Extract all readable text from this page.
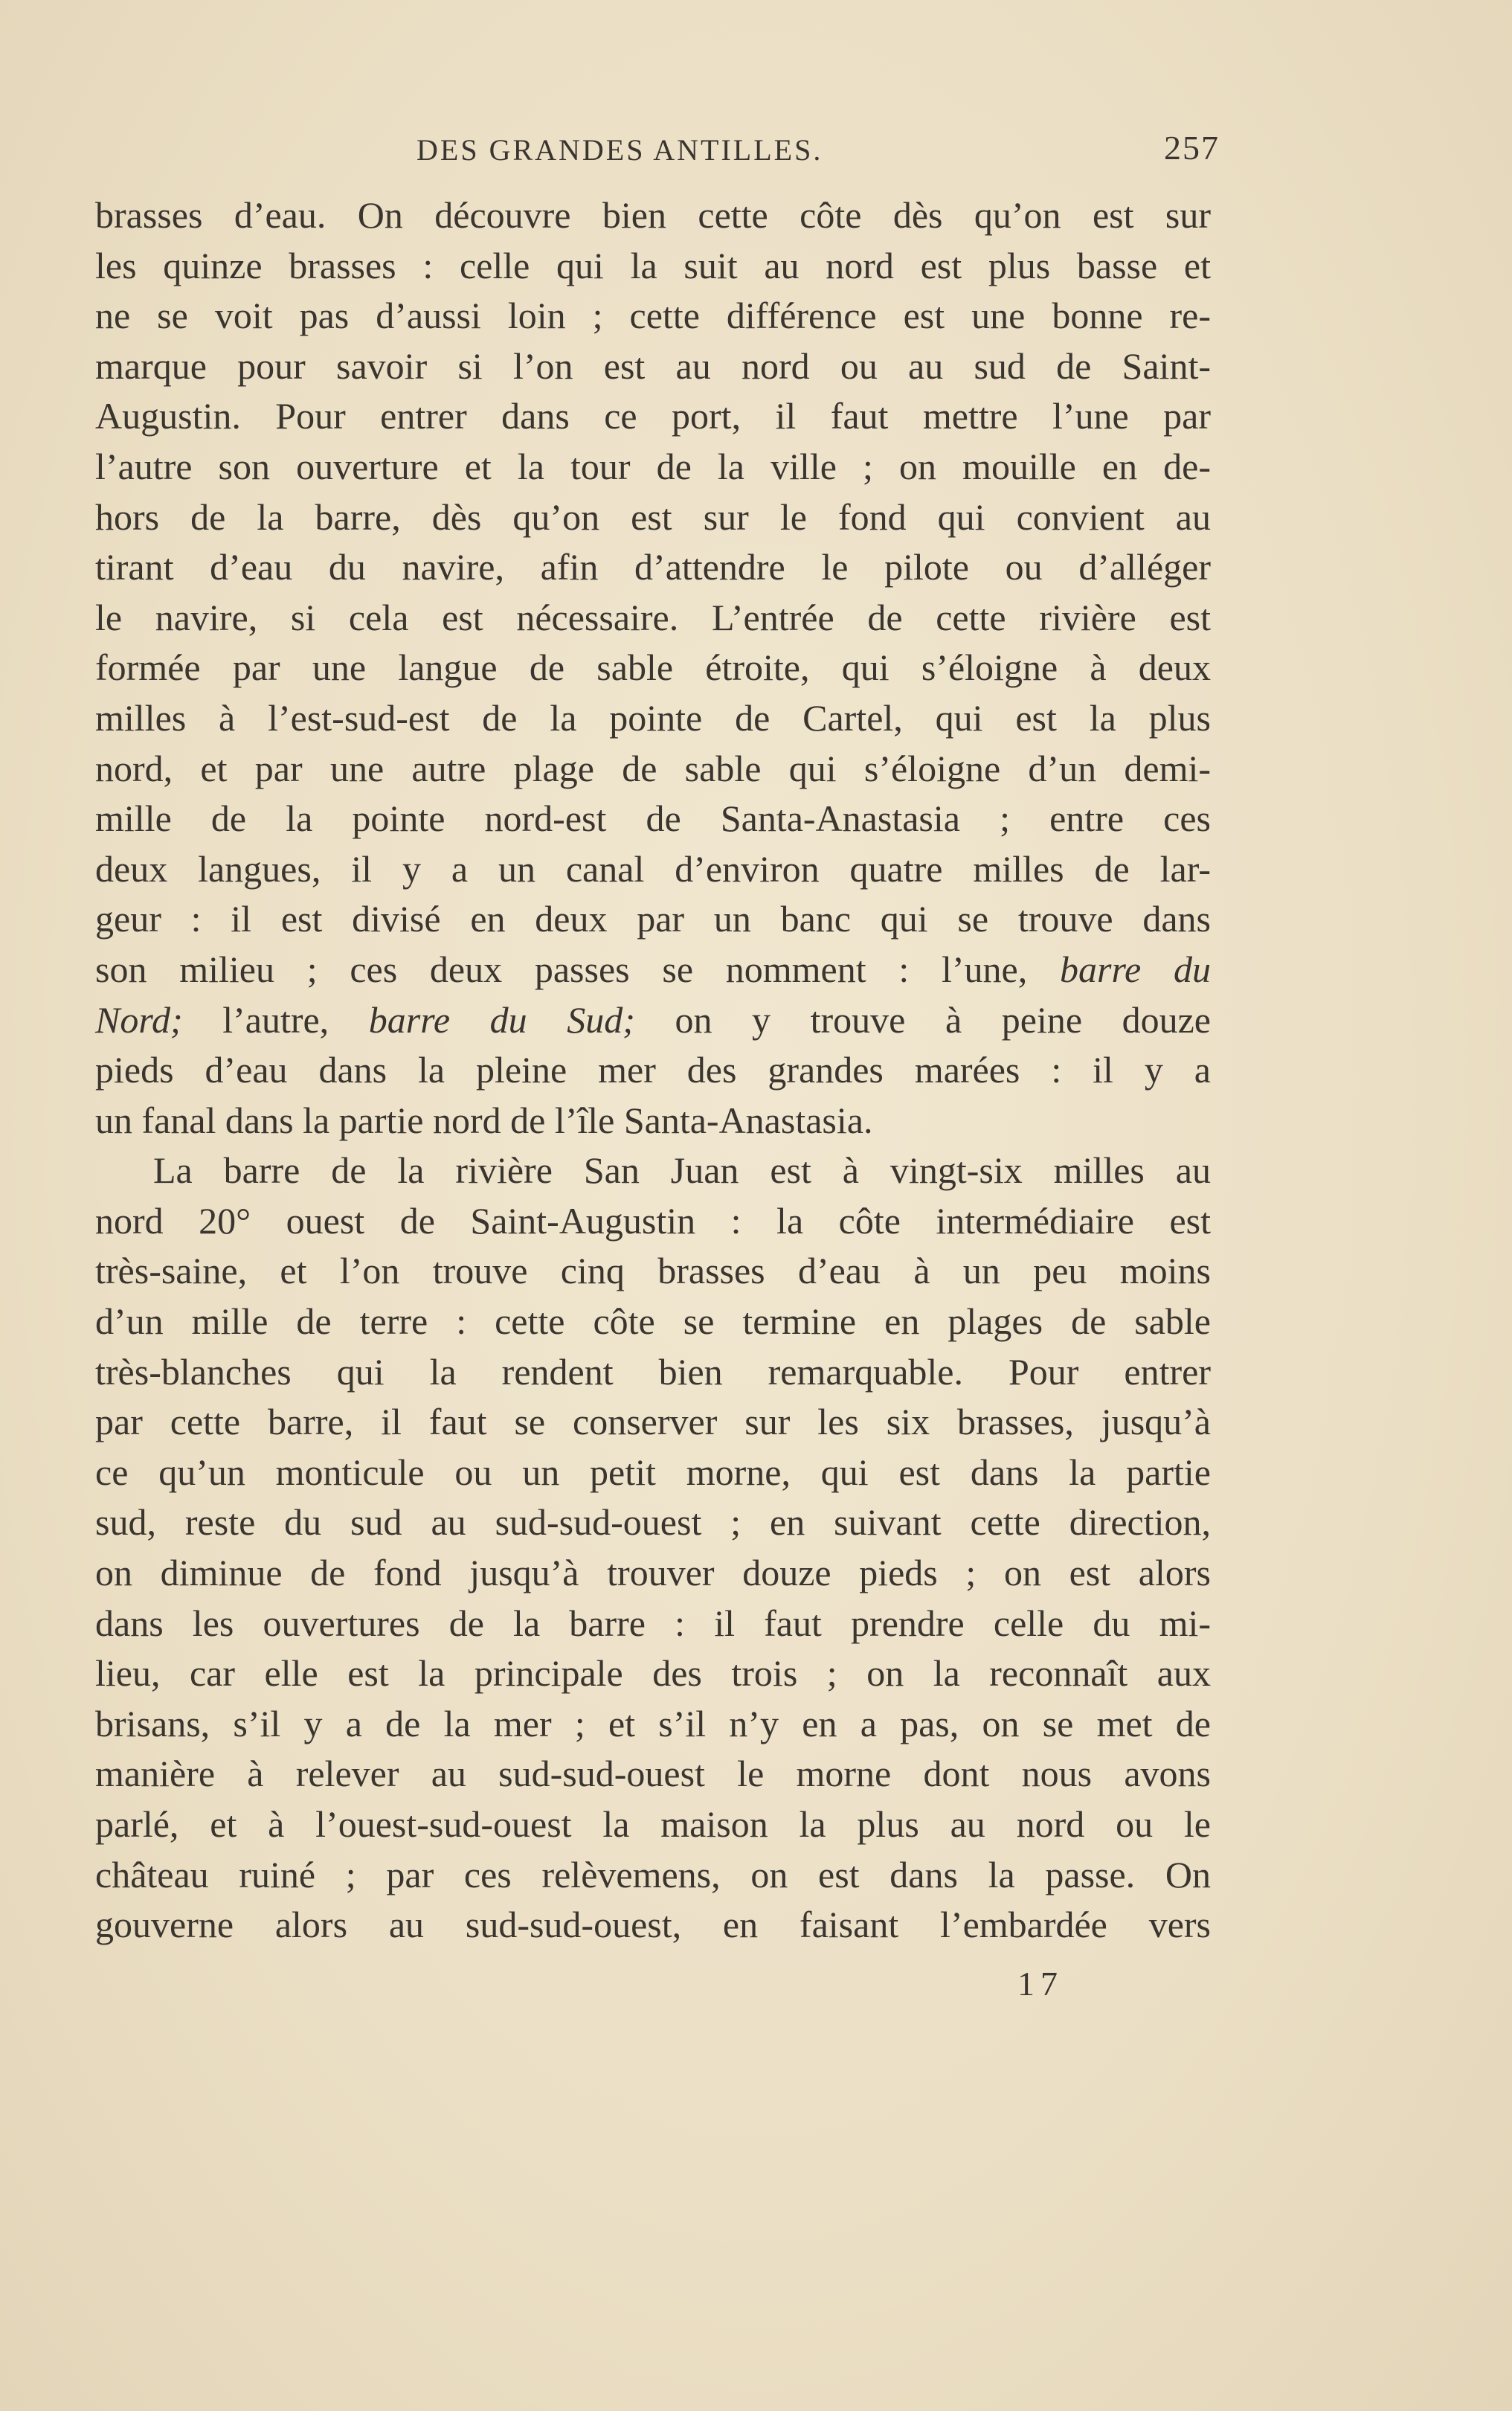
DES GRANDES ANTILLES.	257
brasses d’eau. On découvre bien cette côte dès qu’on est sur
les quinze brasses : celle qui la suit au nord est plus basse et
ne se voit pas d’aussi loin ; cette différence est une bonne re-
marque pour savoir si l’on est au nord ou au sud de Saint-
Augustin. Pour entrer dans ce port, il faut mettre l’une par
l’autre son ouverture et la tour de la ville ; on mouille en de-
hors de la barre, dès qu’on est sur le fond qui convient au
tirant d’eau du navire, afin d’attendre le pilote ou d’alléger
le navire, si cela est nécessaire. L’entrée de cette rivière est
formée par une langue de sable étroite, qui s’éloigne à deux
milles à l’est-sud-est de la pointe de Cartel, qui est la plus
nord, et par une autre plage de sable qui s’éloigne d’un demi-
mille de la pointe nord-est de Santa-Anastasia ; entre ces
deux langues, il y a un canal d’environ quatre milles de lar-
geur : il est divisé en deux par un banc qui se trouve dans
son milieu ; ces deux passes se nomment : l’une, barre du
Nord; l’autre, barre du Sud; on y trouve à peine douze
pieds d’eau dans la pleine mer des grandes marées : il y a
un fanal dans la partie nord de l’île Santa-Anastasia.
La barre de la rivière San Juan est à vingt-six milles au
nord 20° ouest de Saint-Augustin : la côte intermédiaire est
très-saine, et l’on trouve cinq brasses d’eau à un peu moins
d’un mille de terre : cette côte se termine en plages de sable
très-blanches qui la rendent bien remarquable. Pour entrer
par cette barre, il faut se conserver sur les six brasses, jusqu’à
ce qu’un monticule ou un petit morne, qui est dans la partie
sud, reste du sud au sud-sud-ouest ; en suivant cette direction,
on diminue de fond jusqu’à trouver douze pieds ; on est alors
dans les ouvertures de la barre : il faut prendre celle du mi-
lieu, car elle est la principale des trois ; on la reconnaît aux
brisans, s’il y a de la mer ; et s’il n’y en a pas, on se met de
manière à relever au sud-sud-ouest le morne dont nous avons
parlé, et à l’ouest-sud-ouest la maison la plus au nord ou le
château ruiné ; par ces relèvemens, on est dans la passe. On
gouverne alors au sud-sud-ouest, en faisant l’embardée vers
17
